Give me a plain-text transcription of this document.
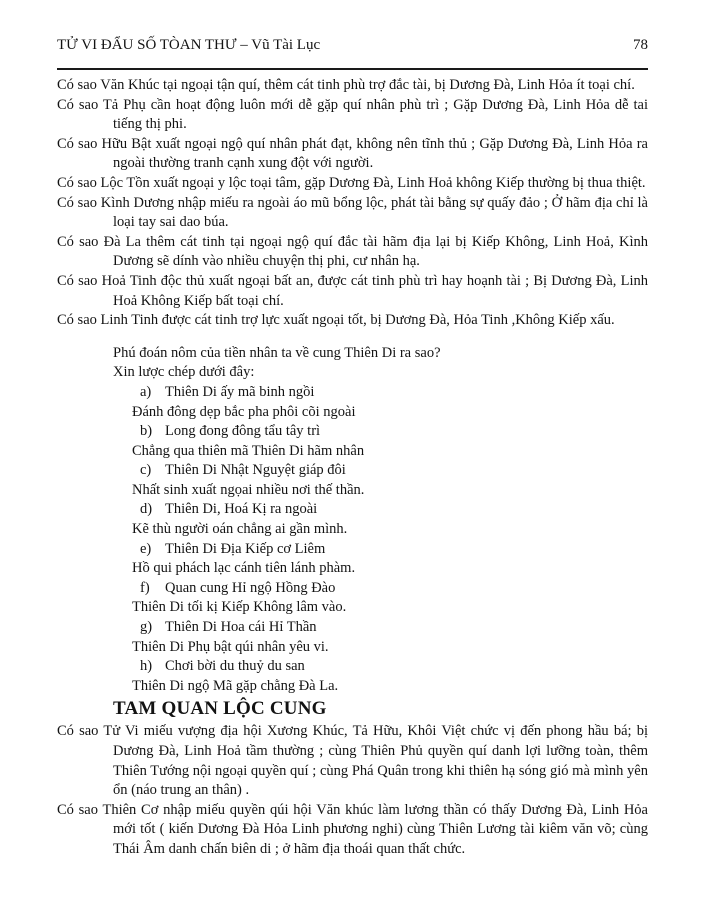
TỬ VI ĐẨU SỐ TÒAN THƯ – Vũ Tài Lục	78

Có sao Văn Khúc tại ngoại tận quí, thêm cát tinh phù trợ đắc tài, bị Dương Đà, Linh Hỏa ít toại chí.

Có sao Tả Phụ cần hoạt động luôn mới dễ gặp quí nhân phù trì ; Gặp Dương Đà, Linh Hỏa dễ tai tiếng thị phi.

Có sao Hữu Bật xuất ngoại ngộ quí nhân phát đạt, không nên tĩnh thủ ; Gặp Dương Đà, Linh Hỏa ra ngoài thường tranh cạnh xung đột với người.

Có sao Lộc Tồn xuất ngoại y lộc toại tâm, gặp Dương Đà, Linh Hoả không Kiếp thường bị thua thiệt.

Có sao Kình Dương nhập miếu ra ngoài áo mũ bổng lộc, phát tài bằng sự quấy đảo ; Ở hãm địa chỉ là loại tay sai dao búa.

Có sao Đà La thêm cát tinh tại ngoại ngộ quí đắc tài hãm địa lại bị Kiếp Không, Linh Hoả, Kình Dương sẽ dính vào nhiều chuyện thị phi, cư nhân hạ.

Có sao Hoả Tinh độc thủ xuất ngoại bất an, được cát tinh phù trì hay hoạnh tài ; Bị Dương Đà, Linh Hoả Không Kiếp bất toại chí.

Có sao Linh Tinh được cát tinh trợ lực xuất ngoại tốt, bị Dương Đà, Hỏa Tinh ,Không Kiếp xấu.

Phú đoán nôm của tiền nhân ta về cung Thiên Di ra sao?

Xin lược chép dưới đây:

a) Thiên Di ấy mã binh ngồi
Đánh đông dẹp bắc pha phôi cõi ngoài
b) Long đong đông tẩu tây trì
Chẳng qua thiên mã Thiên Di hãm nhân
c) Thiên Di Nhật Nguyệt giáp đôi
Nhất sinh xuất ngọai nhiều nơi thế thần.
d) Thiên Di, Hoá Kị ra ngoài
Kẽ thù người oán chẳng ai gần mình.
e) Thiên Di Địa Kiếp cơ Liêm
Hồ qui phách lạc cánh tiên lánh phàm.
f) Quan cung Hỉ ngộ Hồng Đào
Thiên Di tối kị Kiếp Không lâm vào.
g) Thiên Di Hoa cái Hỉ Thần
Thiên Di Phụ bật qúi nhân yêu vi.
h) Chơi bời du thuỷ du san
Thiên Di ngộ Mã gặp chằng Đà La.
TAM QUAN LỘC CUNG

Có sao Tử Vi miếu vượng địa hội Xương Khúc, Tả Hữu, Khôi Việt chức vị đến phong hầu bá; bị Dương Đà, Linh Hoả tầm thường ; cùng Thiên Phủ quyền quí danh lợi lưỡng toàn, thêm Thiên Tướng nội ngoại quyền quí ; cùng Phá Quân trong khi thiên hạ sóng gió mà mình yên ổn (náo trung an thân) .

Có sao Thiên Cơ nhập miếu quyền qúi hội Văn khúc làm lương thần có thấy Dương Đà, Linh Hỏa mới tốt ( kiến Dương Đà Hỏa Linh phương nghi) cùng Thiên Lương tài kiêm văn võ; cùng Thái Âm danh chấn biên di ; ở hãm địa thoái quan thất chức.
